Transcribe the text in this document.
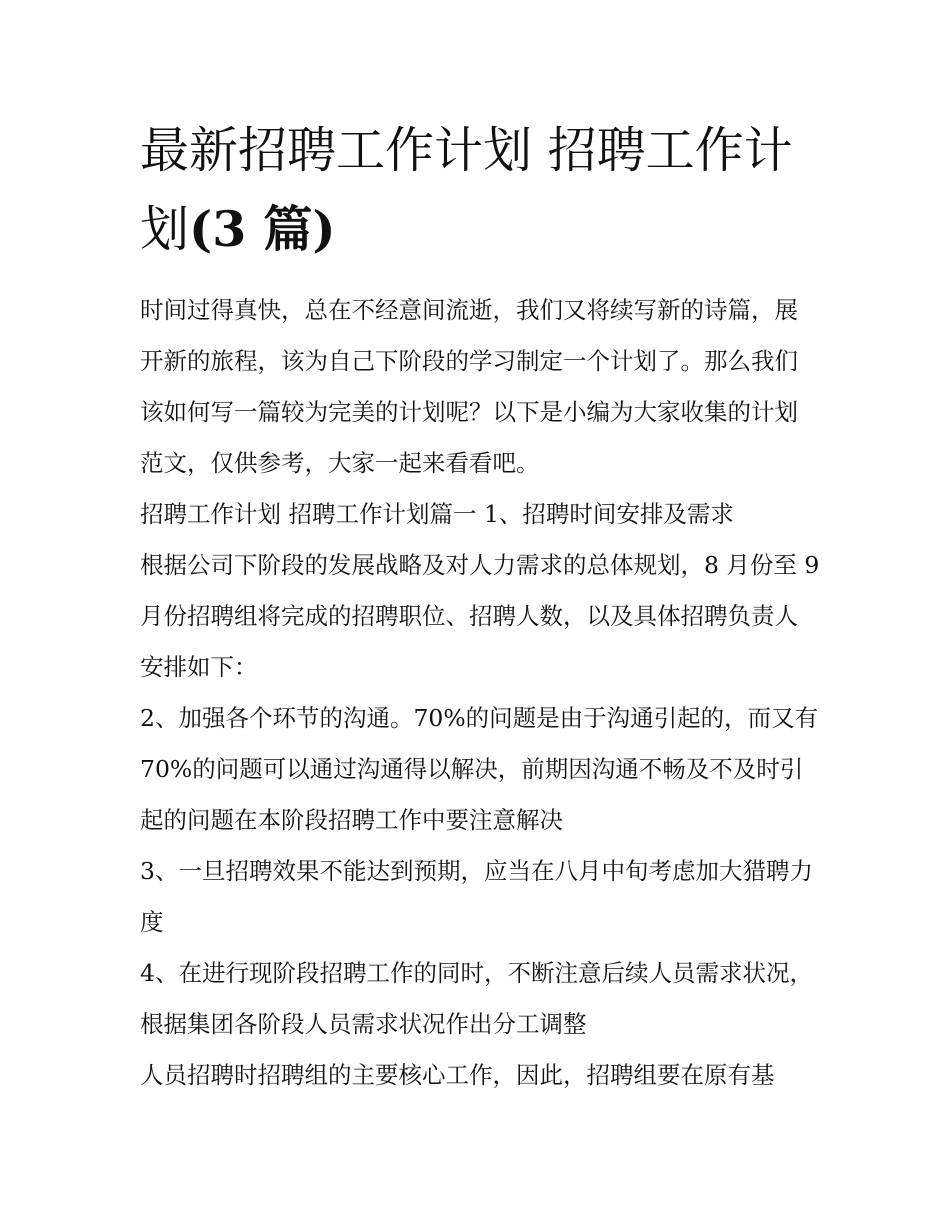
最新招聘工作计划 招聘工作计划(3 篇)

时间过得真快，总在不经意间流逝，我们又将续写新的诗篇，展开新的旅程，该为自己下阶段的学习制定一个计划了。那么我们该如何写一篇较为完美的计划呢？以下是小编为大家收集的计划范文，仅供参考，大家一起来看看吧。

招聘工作计划 招聘工作计划篇一 1、招聘时间安排及需求

根据公司下阶段的发展战略及对人力需求的总体规划，8 月份至 9 月份招聘组将完成的招聘职位、招聘人数，以及具体招聘负责人安排如下：

2、加强各个环节的沟通。70%的问题是由于沟通引起的，而又有 70%的问题可以通过沟通得以解决，前期因沟通不畅及不及时引起的问题在本阶段招聘工作中要注意解决

3、一旦招聘效果不能达到预期，应当在八月中旬考虑加大猎聘力度

4、在进行现阶段招聘工作的同时，不断注意后续人员需求状况，根据集团各阶段人员需求状况作出分工调整

人员招聘时招聘组的主要核心工作，因此，招聘组要在原有基
